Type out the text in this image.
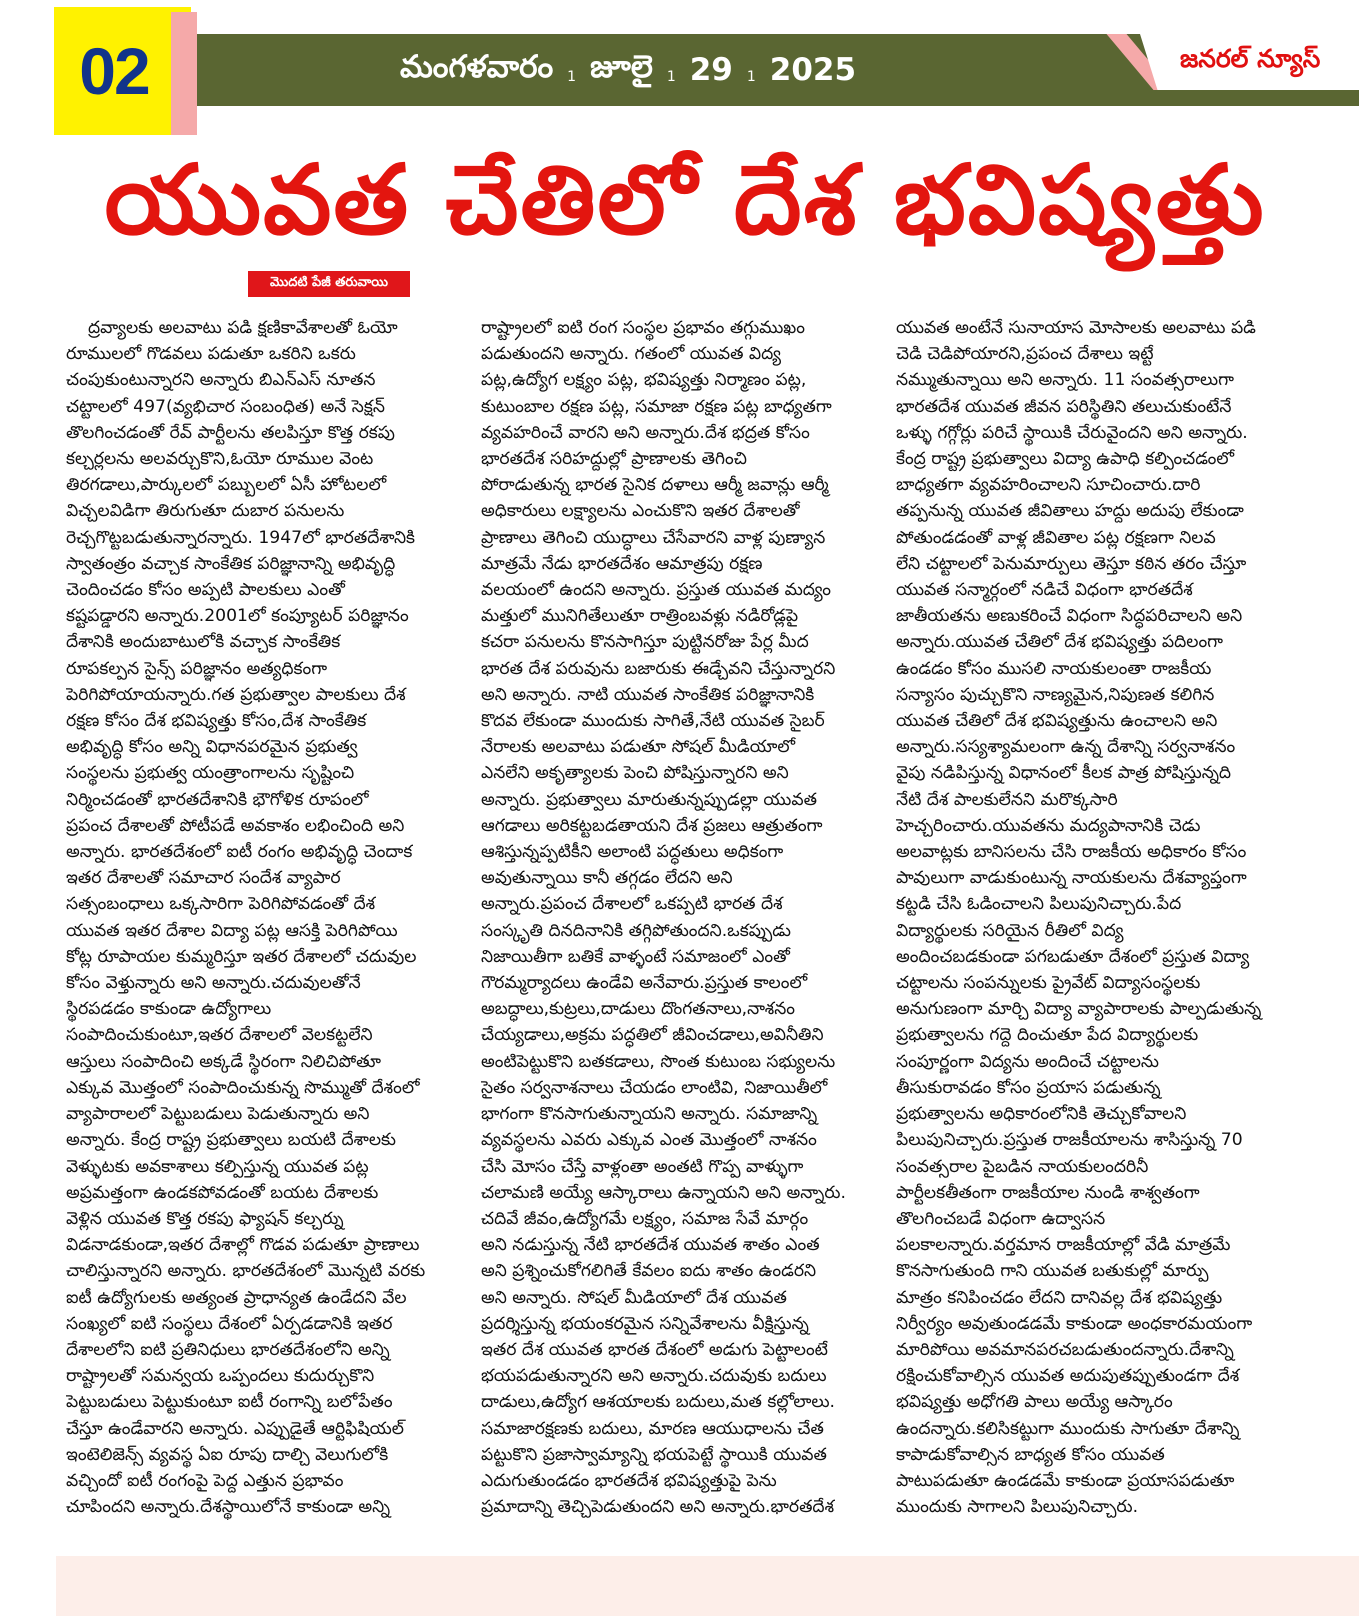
02	మంగళవారం	1 జూలై	1 29	1 2025	జనరల్ న్యూస్
యువత చేతిలో దేశ భవిష్యత్తు
మొదటి పేజీ తరువాయి

ద్రవ్యాలకు అలవాటు పడి క్షణికావేశాలతో ఓయో
రూములలో గొడవలు పడుతూ ఒకరిని ఒకరు
చంపుకుంటున్నారని అన్నారు బిఎన్ఎస్ నూతన
చట్టాలలో 497(వ్యభిచార సంబంధిత) అనే సెక్షన్
తొలగించడంతో రేవ్ పార్టీలను తలపిస్తూ కొత్త రకపు
కల్చర్లలను అలవర్చుకొని,ఓయో రూముల వెంట
తిరగడాలు,పార్కులలో పబ్బులలో ఏసీ హోటలలో
విచ్చలవిడిగా తిరుగుతూ దుబార పనులను
రెచ్చగొట్టబడుతున్నారన్నారు. 1947లో భారతదేశానికి
స్వాతంత్రం వచ్చాక సాంకేతిక పరిజ్ఞానాన్ని అభివృద్ధి
చెందించడం కోసం అప్పటి పాలకులు ఎంతో
కష్టపడ్డారని అన్నారు.2001లో కంప్యూటర్ పరిజ్ఞానం
దేశానికి అందుబాటులోకి వచ్చాక సాంకేతిక
రూపకల్పన సైన్స్ పరిజ్ఞానం అత్యధికంగా
పెరిగిపోయాయన్నారు.గత ప్రభుత్వాల పాలకులు దేశ
రక్షణ కోసం దేశ భవిష్యత్తు కోసం,దేశ సాంకేతిక
అభివృద్ధి కోసం అన్ని విధానపరమైన ప్రభుత్వ
సంస్థలను ప్రభుత్వ యంత్రాంగాలను సృష్టించి
నిర్మించడంతో భారతదేశానికి భౌగోళిక రూపంలో
ప్రపంచ దేశాలతో పోటీపడే అవకాశం లభించింది అని
అన్నారు. భారతదేశంలో ఐటీ రంగం అభివృద్ధి చెందాక
ఇతర దేశాలతో సమాచార సందేశ వ్యాపార
సత్సంబంధాలు ఒక్కసారిగా పెరిగిపోవడంతో దేశ
యువత ఇతర దేశాల విద్యా పట్ల ఆసక్తి పెరిగిపోయి
కోట్ల రూపాయల కుమ్మరిస్తూ ఇతర దేశాలలో చదువుల
కోసం వెళ్తున్నారు అని అన్నారు.చదువులతోనే
స్థిరపడడం కాకుండా ఉద్యోగాలు
సంపాదించుకుంటూ,ఇతర దేశాలలో వెలకట్టలేని
ఆస్తులు సంపాదించి అక్కడే స్థిరంగా నిలిచిపోతూ
ఎక్కువ మొత్తంలో సంపాదించుకున్న సొమ్ముతో దేశంలో
వ్యాపారాలలో పెట్టుబడులు పెడుతున్నారు అని
అన్నారు. కేంద్ర రాష్ట్ర ప్రభుత్వాలు బయటి దేశాలకు
వెళ్ళుటకు అవకాశాలు కల్పిస్తున్న యువత పట్ల
అప్రమత్తంగా ఉండకపోవడంతో బయట దేశాలకు
వెళ్లిన యువత కొత్త రకపు ఫ్యాషన్ కల్చర్ను
విడనాడకుండా,ఇతర దేశాల్లో గొడవ పడుతూ ప్రాణాలు
చాలిస్తున్నారని అన్నారు. భారతదేశంలో మొన్నటి వరకు
ఐటీ ఉద్యోగులకు అత్యంత ప్రాధాన్యత ఉండేదని వేల
సంఖ్యలో ఐటి సంస్థలు దేశంలో ఏర్పడడానికి ఇతర
దేశాలలోని ఐటి ప్రతినిధులు భారతదేశంలోని అన్ని
రాష్ట్రాలతో సమన్వయ ఒప్పందలు కుదుర్చుకొని
పెట్టుబడులు పెట్టుకుంటూ ఐటీ రంగాన్ని బలోపేతం
చేస్తూ ఉండేవారని అన్నారు. ఎప్పుడైతే ఆర్టిఫిషియల్
ఇంటెలిజెన్స్ వ్యవస్థ ఏఐ రూపు దాల్చి వెలుగులోకి
వచ్చిందో ఐటీ రంగంపై పెద్ద ఎత్తున ప్రభావం
చూపిందని అన్నారు.దేశస్థాయిలోనే కాకుండా అన్ని

రాష్ట్రాలలో ఐటి రంగ సంస్థల ప్రభావం తగ్గుముఖం
పడుతుందని అన్నారు. గతంలో యువత విద్య
పట్ల,ఉద్యోగ లక్ష్యం పట్ల, భవిష్యత్తు నిర్మాణం పట్ల,
కుటుంబాల రక్షణ పట్ల, సమాజా రక్షణ పట్ల బాధ్యతగా
వ్యవహరించే వారని అని అన్నారు.దేశ భద్రత కోసం
భారతదేశ సరిహద్దుల్లో ప్రాణాలకు తెగించి
పోరాడుతున్న భారత సైనిక దళాలు ఆర్మీ జవాన్లు ఆర్మీ
అధికారులు లక్ష్యాలను ఎంచుకొని ఇతర దేశాలతో
ప్రాణాలు తెగించి యుద్ధాలు చేసేవారని వాళ్ల పుణ్యాన
మాత్రమే నేడు భారతదేశం ఆమాత్రపు రక్షణ
వలయంలో ఉందని అన్నారు. ప్రస్తుత యువత మద్యం
మత్తులో మునిగితేలుతూ రాత్రింబవళ్లు నడిరోడ్లపై
కచరా పనులను కొనసాగిస్తూ పుట్టినరోజు పేర్ల మీద
భారత దేశ పరువును బజారుకు ఈడ్చేవని చేస్తున్నారని
అని అన్నారు. నాటి యువత సాంకేతిక పరిజ్ఞానానికి
కొదవ లేకుండా ముందుకు సాగితే,నేటి యువత సైబర్
నేరాలకు అలవాటు పడుతూ సోషల్ మీడియాలో
ఎనలేని అకృత్యాలకు పెంచి పోషిస్తున్నారని అని
అన్నారు. ప్రభుత్వాలు మారుతున్నప్పుడల్లా యువత
ఆగడాలు అరికట్టబడతాయని దేశ ప్రజలు ఆత్రుతంగా
ఆశిస్తున్నప్పటికీని అలాంటి పద్ధతులు అధికంగా
అవుతున్నాయి కానీ తగ్గడం లేదని అని
అన్నారు.ప్రపంచ దేశాలలో ఒకప్పటి భారత దేశ
సంస్కృతి దినదినానికి తగ్గిపోతుందని.ఒకప్పుడు
నిజాయితీగా బతికే వాళ్ళంటే సమాజంలో ఎంతో
గౌరమ్మర్యాదలు ఉండేవి అనేవారు.ప్రస్తుత కాలంలో
అబద్ధాలు,కుట్రలు,దాడులు దొంగతనాలు,నాశనం
చేయ్యడాలు,అక్రమ పద్ధతిలో జీవించడాలు,అవినీతిని
అంటిపెట్టుకొని బతకడాలు, సొంత కుటుంబ సభ్యులను
సైతం సర్వనాశనాలు చేయడం లాంటివి, నిజాయితీలో
భాగంగా కొనసాగుతున్నాయని అన్నారు. సమాజాన్ని
వ్యవస్థలను ఎవరు ఎక్కువ ఎంత మొత్తంలో నాశనం
చేసి మోసం చేస్తే వాళ్లంతా అంతటి గొప్ప వాళ్ళుగా
చలామణి అయ్యే ఆస్కారాలు ఉన్నాయని అని అన్నారు.
చదివే జీవం,ఉద్యోగమే లక్ష్యం, సమాజ సేవే మార్గం
అని నడుస్తున్న నేటి భారతదేశ యువత శాతం ఎంత
అని ప్రశ్నించుకోగలిగితే కేవలం ఐదు శాతం ఉండరని
అని అన్నారు. సోషల్ మీడియాలో దేశ యువత
ప్రదర్శిస్తున్న భయంకరమైన సన్నివేశాలను వీక్షిస్తున్న
ఇతర దేశ యువత భారత దేశంలో అడుగు పెట్టాలంటే
భయపడుతున్నారని అని అన్నారు.చదువుకు బదులు
దాడులు,ఉద్యోగ ఆశయాలకు బదులు,మత కల్లోలాలు.
సమాజారక్షణకు బదులు, మారణ ఆయుధాలను చేత
పట్టుకొని ప్రజాస్వామ్యాన్ని భయపెట్టే స్థాయికి యువత
ఎదుగుతుండడం భారతదేశ భవిష్యత్తుపై పెను
ప్రమాదాన్ని తెచ్చిపెడుతుందని అని అన్నారు.భారతదేశ

యువత అంటేనే సునాయాస మోసాలకు అలవాటు పడి
చెడి చెడిపోయారని,ప్రపంచ దేశాలు ఇట్టే
నమ్ముతున్నాయి అని అన్నారు. 11 సంవత్సరాలుగా
భారతదేశ యువత జీవన పరిస్థితిని తలుచుకుంటేనే
ఒళ్ళు గగ్గోర్లు పరిచే స్థాయికి చేరువైందని అని అన్నారు.
కేంద్ర రాష్ట్ర ప్రభుత్వాలు విద్యా ఉపాధి కల్పించడంలో
బాధ్యతగా వ్యవహరించాలని సూచించారు.దారి
తప్పనున్న యువత జీవితాలు హద్దు అదుపు లేకుండా
పోతుండడంతో వాళ్ల జీవితాల పట్ల రక్షణగా నిలవ
లేని చట్టాలలో పెనుమార్పులు తెస్తూ కఠిన తరం చేస్తూ
యువత సన్మార్గంలో నడిచే విధంగా భారతదేశ
జాతీయతను అణుకరించే విధంగా సిద్ధపరిచాలని అని
అన్నారు.యువత చేతిలో దేశ భవిష్యత్తు పదిలంగా
ఉండడం కోసం ముసలి నాయకులంతా రాజకీయ
సన్యాసం పుచ్చుకొని నాణ్యమైన,నిపుణత కలిగిన
యువత చేతిలో దేశ భవిష్యత్తును ఉంచాలని అని
అన్నారు.సస్యశ్యామలంగా ఉన్న దేశాన్ని సర్వనాశనం
వైపు నడిపిస్తున్న విధానంలో కీలక పాత్ర పోషిస్తున్నది
నేటి దేశ పాలకులేనని మరొక్కసారి
హెచ్చరించారు.యువతను మద్యపానానికి చెడు
అలవాట్లకు బానిసలను చేసి రాజకీయ అధికారం కోసం
పావులుగా వాడుకుంటున్న నాయకులను దేశవ్యాప్తంగా
కట్టడి చేసి ఓడించాలని పిలుపునిచ్చారు.పేద
విద్యార్థులకు సరియైన రీతిలో విద్య
అందించబడకుండా పగబడుతూ దేశంలో ప్రస్తుత విద్యా
చట్టాలను సంపన్నులకు ప్రైవేట్ విద్యాసంస్థలకు
అనుగుణంగా మార్చి విద్యా వ్యాపారాలకు పాల్పడుతున్న
ప్రభుత్వాలను గద్దె దించుతూ పేద విద్యార్థులకు
సంపూర్ణంగా విద్యను అందించే చట్టాలను
తీసుకురావడం కోసం ప్రయాస పడుతున్న
ప్రభుత్వాలను అధికారంలోనికి తెచ్చుకోవాలని
పిలుపునిచ్చారు.ప్రస్తుత రాజకీయాలను శాసిస్తున్న 70
సంవత్సరాల పైబడిన నాయకులందరినీ
పార్టీలకతీతంగా రాజకీయాల నుండి శాశ్వతంగా
తొలగించబడే విధంగా ఉద్వాసన
పలకాలన్నారు.వర్తమాన రాజకీయాల్లో వేడి మాత్రమే
కొనసాగుతుంది గాని యువత బతుకుల్లో మార్పు
మాత్రం కనిపించడం లేదని దానివల్ల దేశ భవిష్యత్తు
నిర్వీర్యం అవుతుండడమే కాకుండా అంధకారమయంగా
మారిపోయి అవమానపరచబడుతుందన్నారు.దేశాన్ని
రక్షించుకోవాల్సిన యువత అదుపుతప్పుతుండగా దేశ
భవిష్యత్తు అధోగతి పాలు అయ్యే ఆస్కారం
ఉందన్నారు.కలిసికట్టుగా ముందుకు సాగుతూ దేశాన్ని
కాపాడుకోవాల్సిన బాధ్యత కోసం యువత
పాటుపడుతూ ఉండడమే కాకుండా ప్రయాసపడుతూ
ముందుకు సాగాలని పిలుపునిచ్చారు.
